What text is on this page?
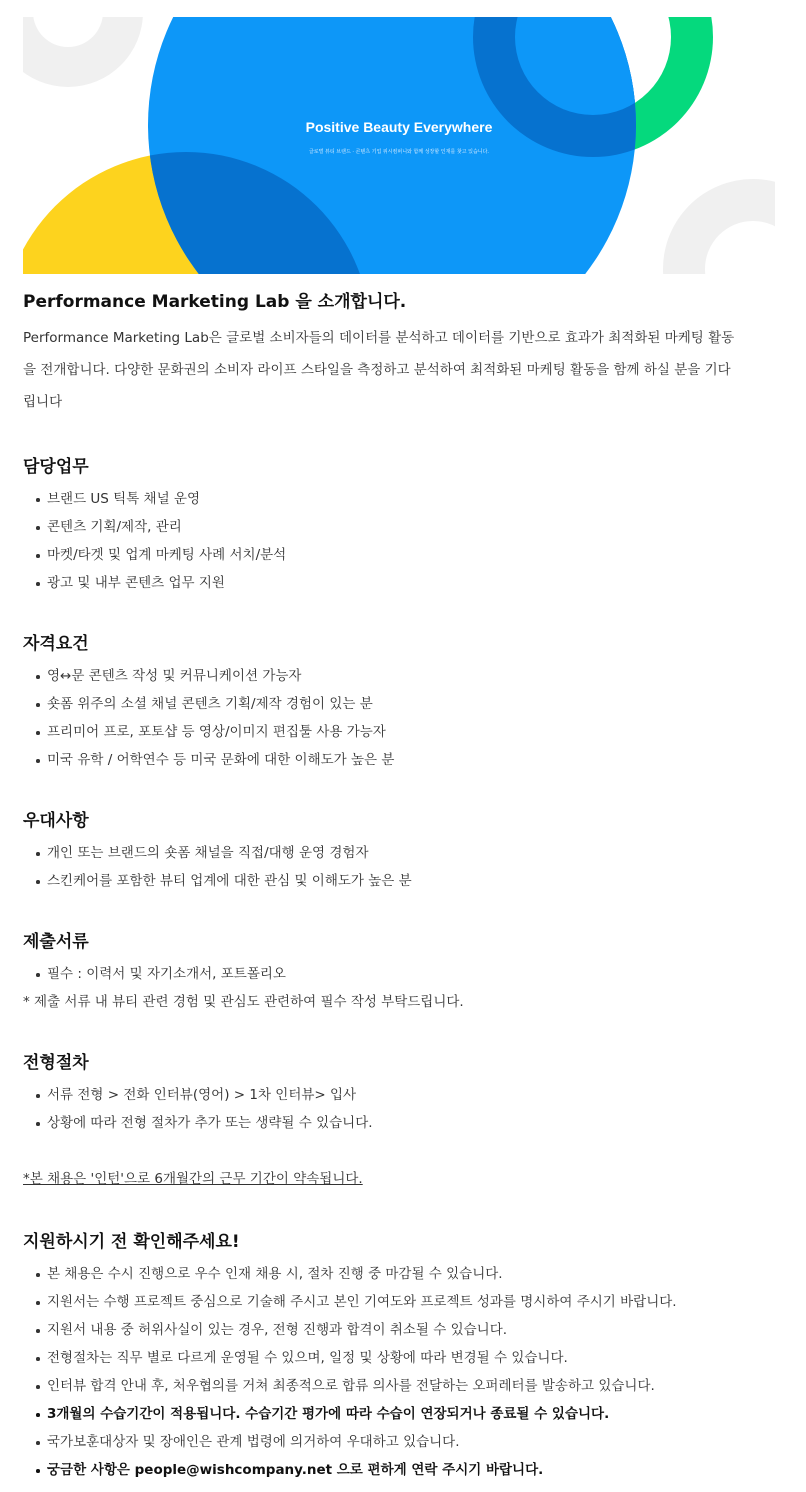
Positive Beauty Everywhere

글로벌 뷰티 브랜드 · 콘텐츠 기업 위시컴퍼니와 함께 성장할 인재를 찾고 있습니다.

Performance Marketing Lab 을 소개합니다.

Performance Marketing Lab은 글로벌 소비자들의 데이터를 분석하고 데이터를 기반으로 효과가 최적화된 마케팅 활동
을 전개합니다. 다양한 문화권의 소비자 라이프 스타일을 측정하고 분석하여 최적화된 마케팅 활동을 함께 하실 분을 기다
립니다

담당업무
브랜드 US 틱톡 채널 운영
콘텐츠 기획/제작, 관리
마켓/타겟 및 업계 마케팅 사례 서치/분석
광고 및 내부 콘텐츠 업무 지원
자격요건
영↔문 콘텐츠 작성 및 커뮤니케이션 가능자
숏폼 위주의 소셜 채널 콘텐츠 기획/제작 경험이 있는 분
프리미어 프로, 포토샵 등 영상/이미지 편집툴 사용 가능자
미국 유학 / 어학연수 등 미국 문화에 대한 이해도가 높은 분
우대사항
개인 또는 브랜드의 숏폼 채널을 직접/대행 운영 경험자
스킨케어를 포함한 뷰티 업계에 대한 관심 및 이해도가 높은 분
제출서류
필수 : 이력서 및 자기소개서, 포트폴리오

* 제출 서류 내 뷰티 관련 경험 및 관심도 관련하여 필수 작성 부탁드립니다.

전형절차
서류 전형 > 전화 인터뷰(영어) > 1차 인터뷰> 입사
상황에 따라 전형 절차가 추가 또는 생략될 수 있습니다.

*본 채용은 '인턴'으로 6개월간의 근무 기간이 약속됩니다.

지원하시기 전 확인해주세요!
본 채용은 수시 진행으로 우수 인재 채용 시, 절차 진행 중 마감될 수 있습니다.
지원서는 수행 프로젝트 중심으로 기술해 주시고 본인 기여도와 프로젝트 성과를 명시하여 주시기 바랍니다.
지원서 내용 중 허위사실이 있는 경우, 전형 진행과 합격이 취소될 수 있습니다.
전형절차는 직무 별로 다르게 운영될 수 있으며, 일정 및 상황에 따라 변경될 수 있습니다.
인터뷰 합격 안내 후, 처우협의를 거쳐 최종적으로 합류 의사를 전달하는 오퍼레터를 발송하고 있습니다.
3개월의 수습기간이 적용됩니다. 수습기간 평가에 따라 수습이 연장되거나 종료될 수 있습니다.
국가보훈대상자 및 장애인은 관계 법령에 의거하여 우대하고 있습니다.
궁금한 사항은 people@wishcompany.net 으로 편하게 연락 주시기 바랍니다.
